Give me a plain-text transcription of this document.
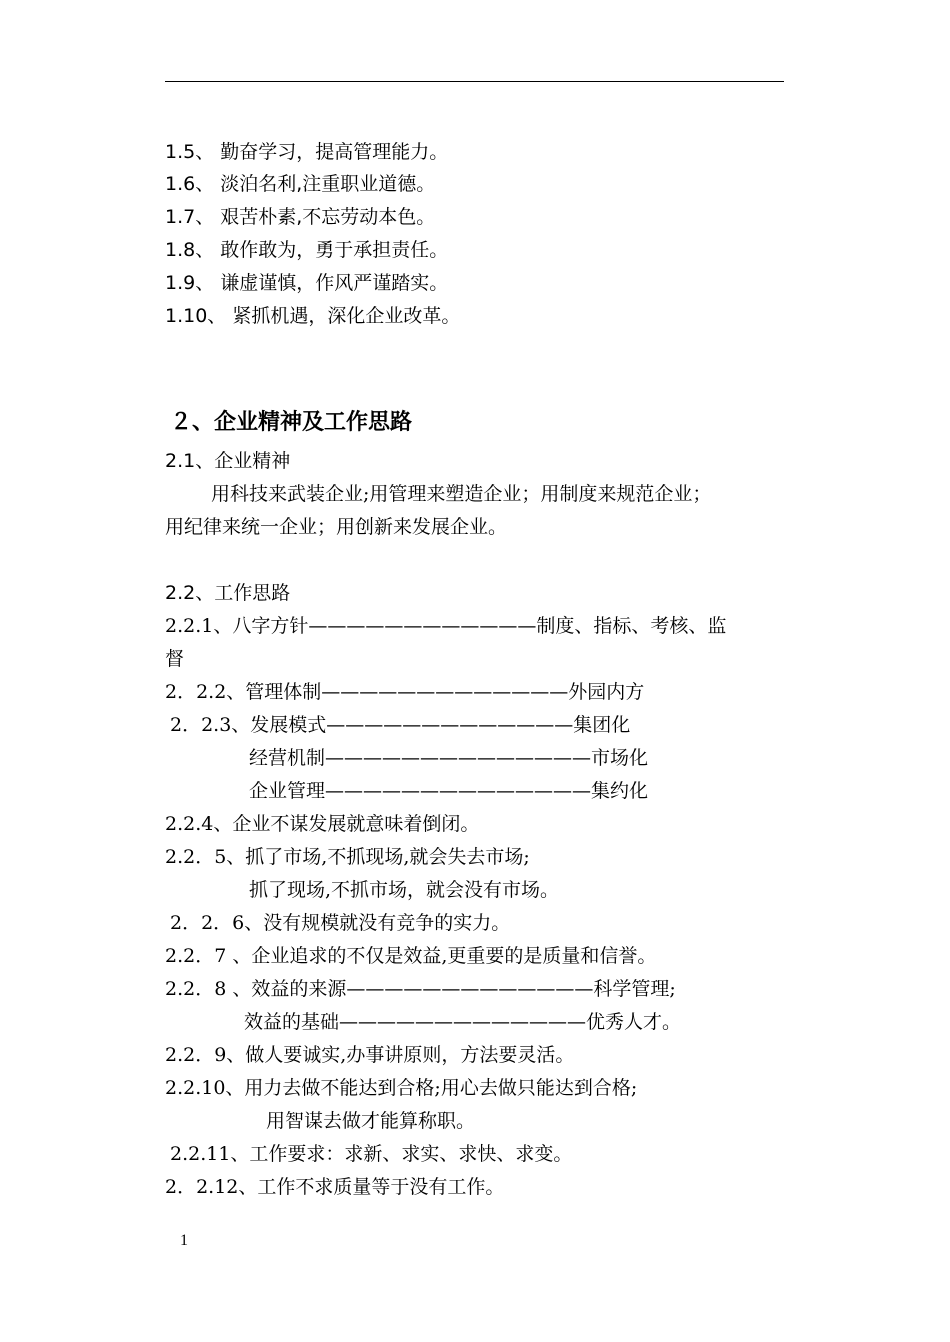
1.5、 勤奋学习，提高管理能力。
1.6、 淡泊名利,注重职业道德。
1.7、 艰苦朴素,不忘劳动本色。
1.8、 敢作敢为，勇于承担责任。
1.9、 谦虚谨慎，作风严谨踏实。
1.10、 紧抓机遇，深化企业改革。
２、企业精神及工作思路
2.1、企业精神
用科技来武装企业;用管理来塑造企业；用制度来规范企业；
用纪律来统一企业；用创新来发展企业。
2.2、工作思路
2.2.1、八字方针————————————制度、指标、考核、监
督
2．2.2、管理体制—————————————外园内方
2．2.3、发展模式—————————————集团化
经营机制——————————————市场化
企业管理——————————————集约化
2.2.4、企业不谋发展就意味着倒闭。
2.2．5、抓了市场,不抓现场,就会失去市场;
抓了现场,不抓市场，就会没有市场。
2．2．6、没有规模就没有竞争的实力。
2.2．7 、企业追求的不仅是效益,更重要的是质量和信誉。
2.2．8 、效益的来源—————————————科学管理;
效益的基础—————————————优秀人才。
2.2．9、做人要诚实,办事讲原则，方法要灵活。
2.2.10、用力去做不能达到合格;用心去做只能达到合格;
用智谋去做才能算称职。
2.2.11、工作要求：求新、求实、求快、求变。
2．2.12、工作不求质量等于没有工作。
1
